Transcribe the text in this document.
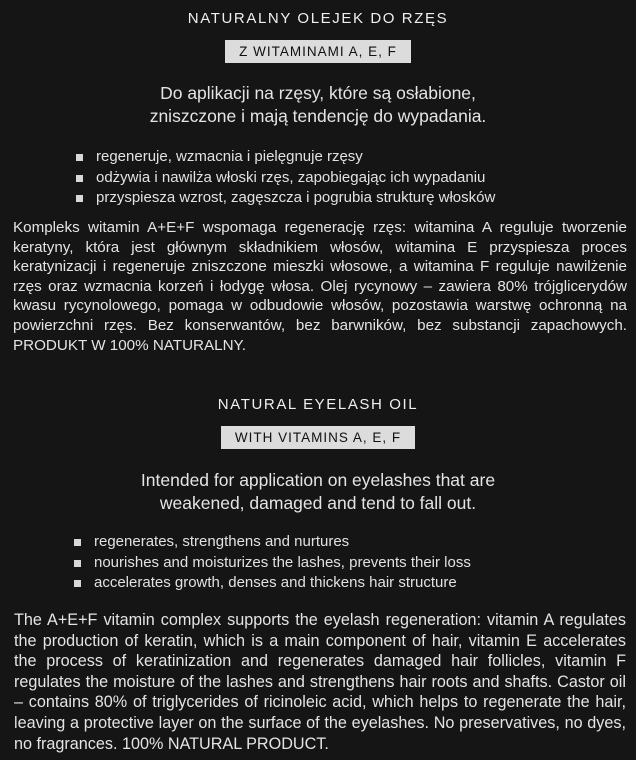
NATURALNY OLEJEK DO RZĘS
Z WITAMINAMI A, E, F
Do aplikacji na rzęsy, które są osłabione,
zniszczone i mają tendencję do wypadania.
regeneruje, wzmacnia i pielęgnuje rzęsy
odżywia i nawilża włoski rzęs, zapobiegając ich wypadaniu
przyspiesza wzrost, zagęszcza i pogrubia strukturę włosków
Kompleks witamin A+E+F wspomaga regenerację rzęs: witamina A reguluje tworzenie keratyny, która jest głównym składnikiem włosów, witamina E przyspiesza proces keratynizacji i regeneruje zniszczone mieszki włosowe, a witamina F reguluje nawilżenie rzęs oraz wzmacnia korzeń i łodygę włosa. Olej rycynowy – zawiera 80% trójglicerydów kwasu rycynolowego, pomaga w odbudowie włosów, pozostawia warstwę ochronną na powierzchni rzęs. Bez konserwantów, bez barwników, bez substancji zapachowych. PRODUKT W 100% NATURALNY.
NATURAL EYELASH OIL
WITH VITAMINS A, E, F
Intended for application on eyelashes that are
weakened, damaged and tend to fall out.
regenerates, strengthens and nurtures
nourishes and moisturizes the lashes, prevents their loss
accelerates growth, denses and thickens hair structure
The A+E+F vitamin complex supports the eyelash regeneration: vitamin A regulates the production of keratin, which is a main component of hair, vitamin E accelerates the process of keratinization and regenerates damaged hair follicles, vitamin F regulates the moisture of the lashes and strengthens hair roots and shafts. Castor oil – contains 80% of triglycerides of ricinoleic acid, which helps to regenerate the hair, leaving a protective layer on the surface of the eyelashes. No preservatives, no dyes, no fragrances. 100% NATURAL PRODUCT.
